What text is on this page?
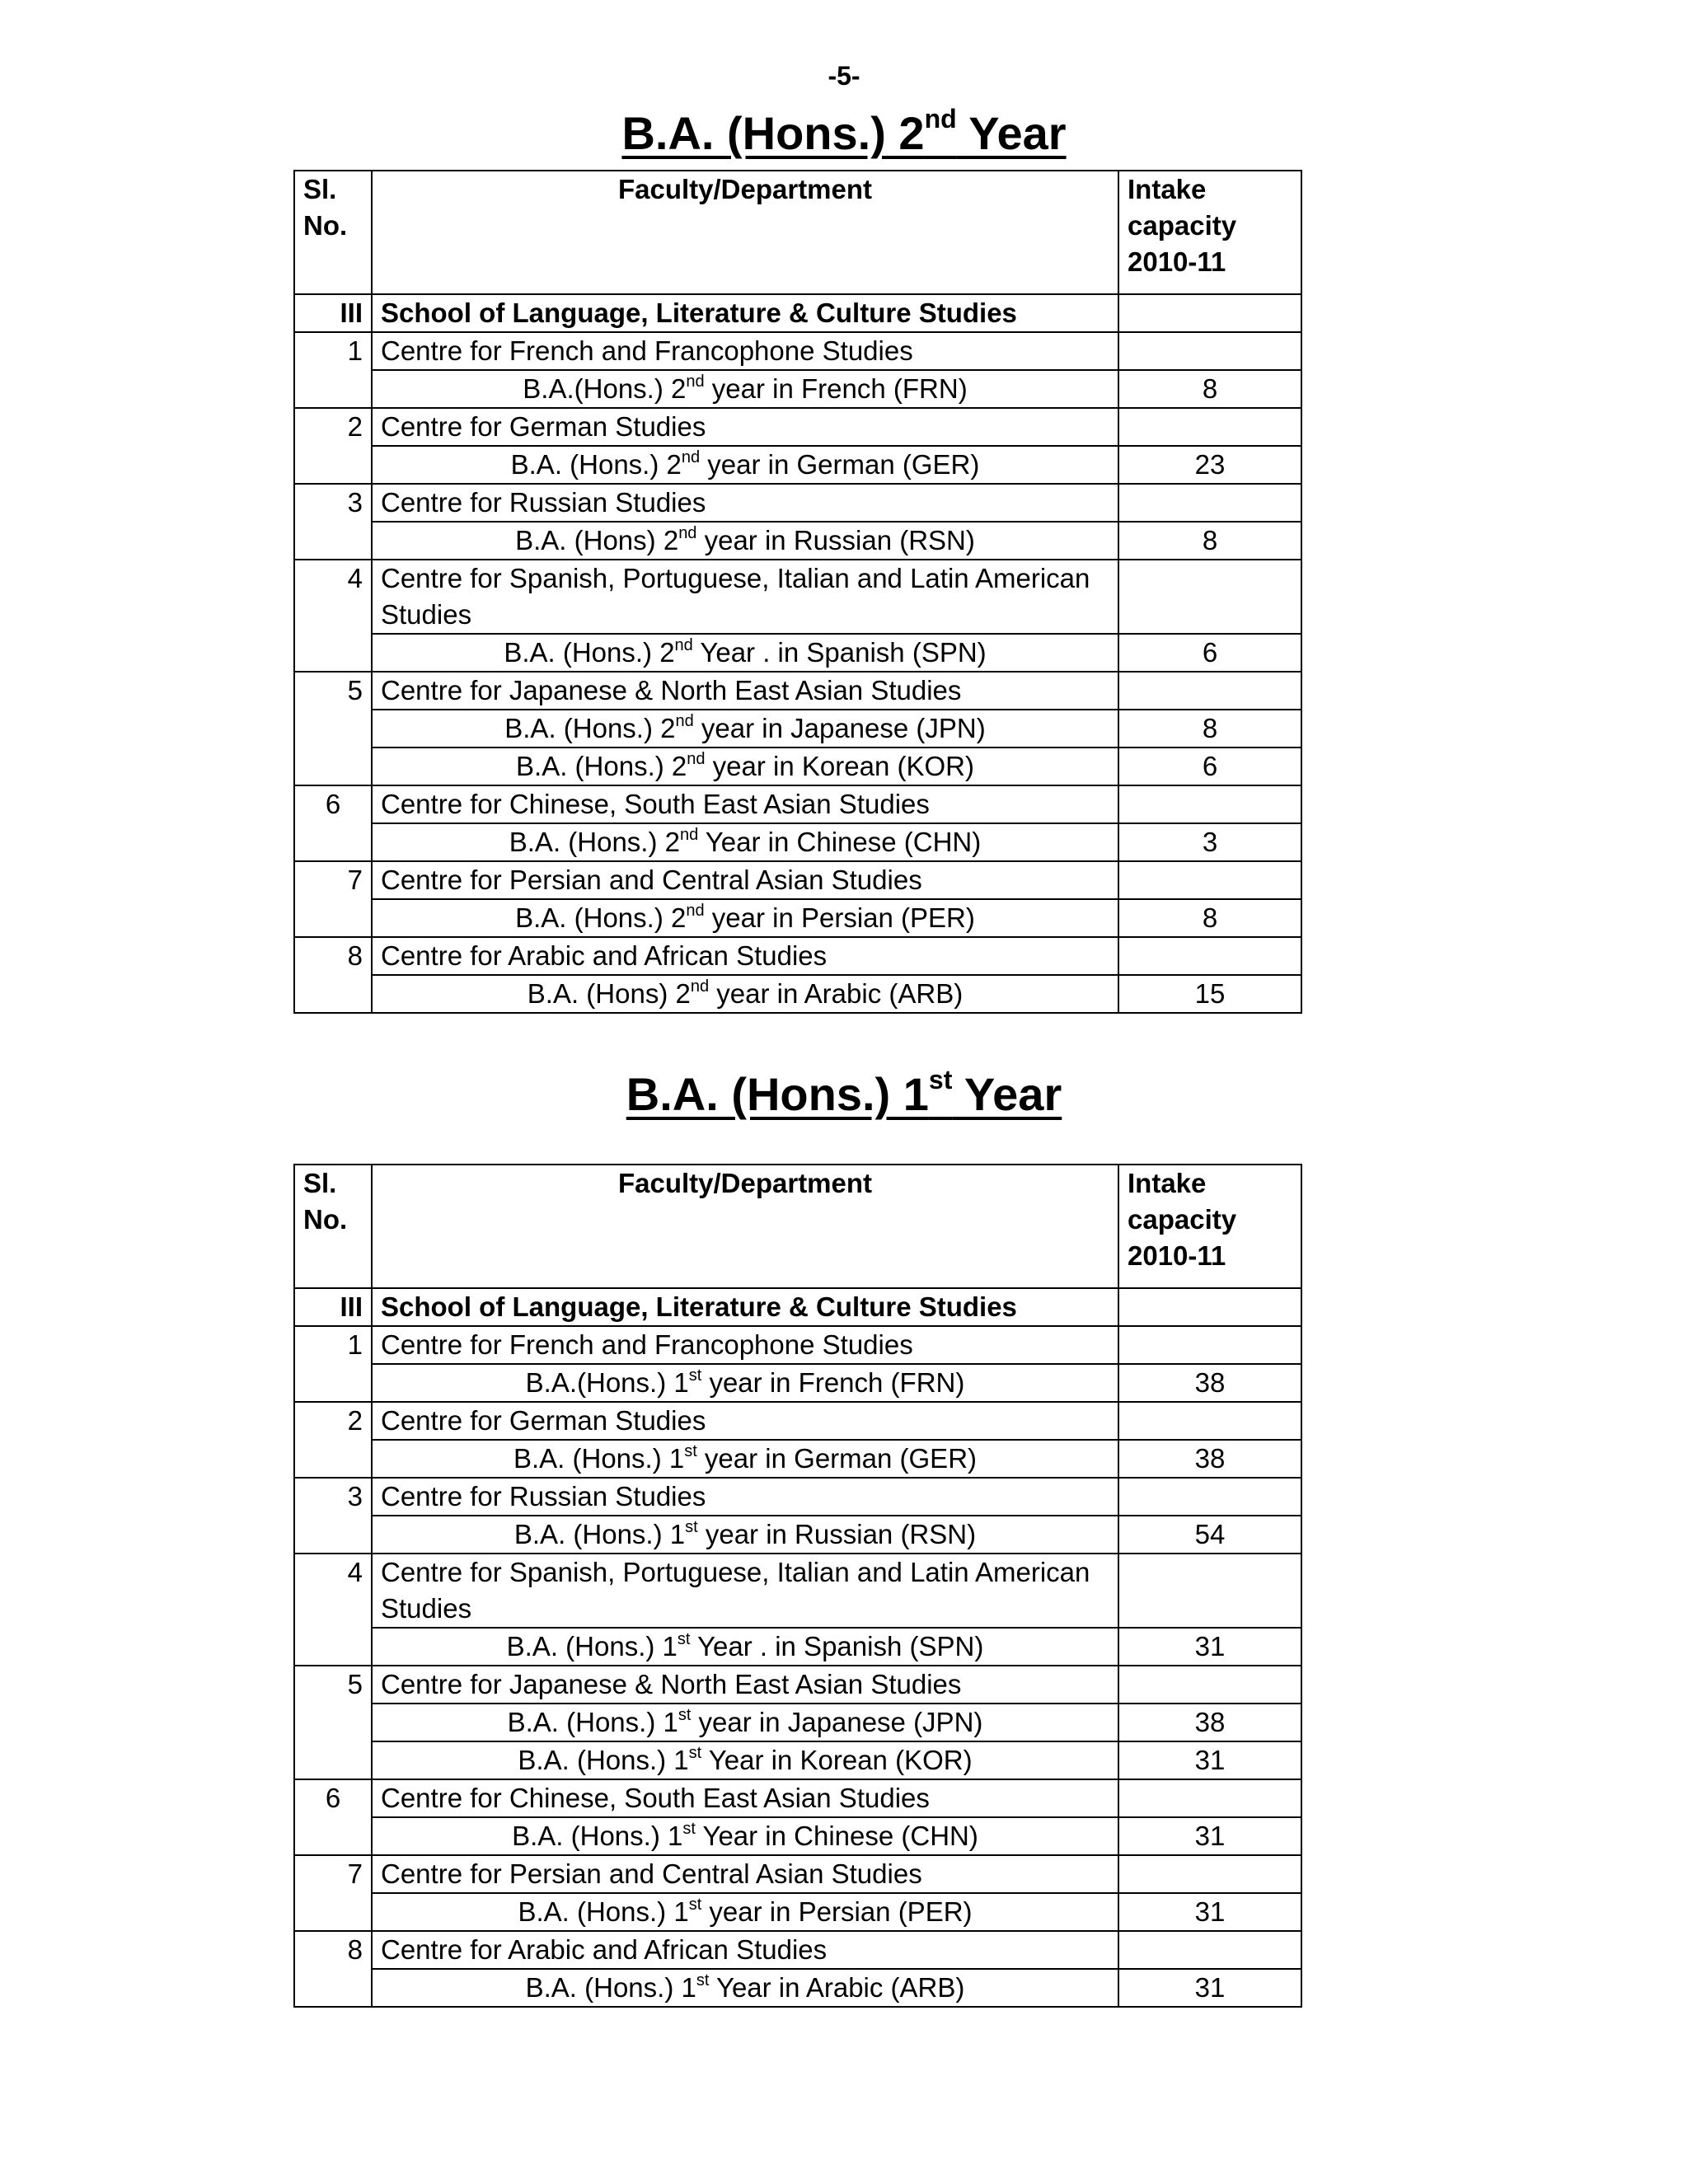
-5-
B.A. (Hons.) 2nd Year
Sl. No.	Faculty/Department	Intake capacity 2010-11
III	School of Language, Literature & Culture Studies	
1	Centre for French and Francophone Studies	
	B.A.(Hons.) 2nd year in French (FRN)	8
2	Centre for German Studies	
	B.A. (Hons.) 2nd year in German (GER)	23
3	Centre for Russian Studies	
	B.A. (Hons) 2nd year in Russian (RSN)	8
4	Centre for Spanish, Portuguese, Italian and Latin American Studies	
	B.A. (Hons.) 2nd Year . in Spanish (SPN)	6
5	Centre for Japanese & North East Asian Studies	
	B.A. (Hons.) 2nd year in Japanese (JPN)	8
	B.A. (Hons.) 2nd year in Korean (KOR)	6
6	Centre for Chinese, South East Asian Studies	
	B.A. (Hons.) 2nd Year in Chinese (CHN)	3
7	Centre for Persian and Central Asian Studies	
	B.A. (Hons.) 2nd year in Persian (PER)	8
8	Centre for Arabic and African Studies	
	B.A. (Hons) 2nd year in Arabic (ARB)	15
B.A. (Hons.) 1st Year
Sl. No.	Faculty/Department	Intake capacity 2010-11
III	School of Language, Literature & Culture Studies	
1	Centre for French and Francophone Studies	
	B.A.(Hons.) 1st year in French (FRN)	38
2	Centre for German Studies	
	B.A. (Hons.) 1st year in German (GER)	38
3	Centre for Russian Studies	
	B.A. (Hons.) 1st year in Russian (RSN)	54
4	Centre for Spanish, Portuguese, Italian and Latin American Studies	
	B.A. (Hons.) 1st Year . in Spanish (SPN)	31
5	Centre for Japanese & North East Asian Studies	
	B.A. (Hons.) 1st year in Japanese (JPN)	38
	B.A. (Hons.) 1st Year in Korean (KOR)	31
6	Centre for Chinese, South East Asian Studies	
	B.A. (Hons.) 1st Year in Chinese (CHN)	31
7	Centre for Persian and Central Asian Studies	
	B.A. (Hons.) 1st year in Persian (PER)	31
8	Centre for Arabic and African Studies	
	B.A. (Hons.) 1st Year in Arabic (ARB)	31
